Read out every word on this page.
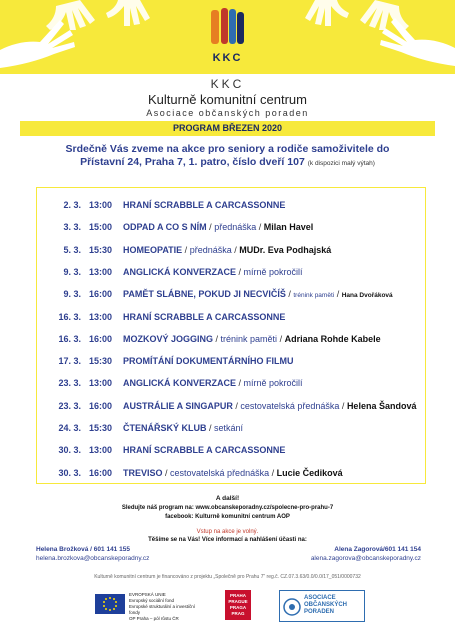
KKC
KKC
Kulturně komunitní centrum
Asociace občanských poraden
PROGRAM BŘEZEN 2020
Srdečně Vás zveme na akce pro seniory a rodiče samoživitele do
Přístavní 24, Praha 7, 1. patro, číslo dveří 107 (k dispozici malý výtah)
2. 3. 13:00	HRANÍ SCRABBLE A CARCASSONNE
3. 3. 15:00	ODPAD A CO S NÍM / přednáška / Milan Havel
5. 3. 15:30	HOMEOPATIE / přednáška / MUDr. Eva Podhajská
9. 3. 13:00	ANGLICKÁ KONVERZACE / mírně pokročilí
9. 3. 16:00	PAMĚT SLÁBNE, POKUD JI NECVIČÍŠ / trénink paměti / Hana Dvořáková
16. 3. 13:00	HRANÍ SCRABBLE A CARCASSONNE
16. 3. 16:00	MOZKOVÝ JOGGING / trénink paměti / Adriana Rohde Kabele
17. 3. 15:30	PROMÍTÁNÍ DOKUMENTÁRNÍHO FILMU
23. 3. 13:00	ANGLICKÁ KONVERZACE / mírně pokročilí
23. 3. 16:00	AUSTRÁLIE A SINGAPUR / cestovatelská přednáška / Helena Šandová
24. 3. 15:30	ČTENÁŘSKÝ KLUB / setkání
30. 3. 13:00	HRANÍ SCRABBLE A CARCASSONNE
30. 3. 16:00	TREVISO / cestovatelská přednáška / Lucie Čediková
A další!
Sledujte náš program na: www.obcanskeporadny.cz/spolecne-pro-prahu-7
facebook: Kulturně komunitní centrum AOP
Vstup na akce je volný.
Těšíme se na Vás! Více informací a nahlášení účasti na:
Helena Brožková / 601 141 155
helena.brozkova@obcanskeporadny.cz
Alena Zagorová/601 141 154
alena.zagorova@obcanskeporadny.cz
Kulturně komunitní centrum je financováno z projektu „Společně pro Prahu 7“ reg.č. CZ.07.3.63/0.0/0.0/17_051/0000732
EVROPSKÁ UNIE
Evropský sociální fond
Evropské strukturální a investiční fondy
OP Praha – pól růstu ČR
PRAHA
PRAGUE
PRAGA
PRAG
ASOCIACE
OBČANSKÝCH
PORADEN
